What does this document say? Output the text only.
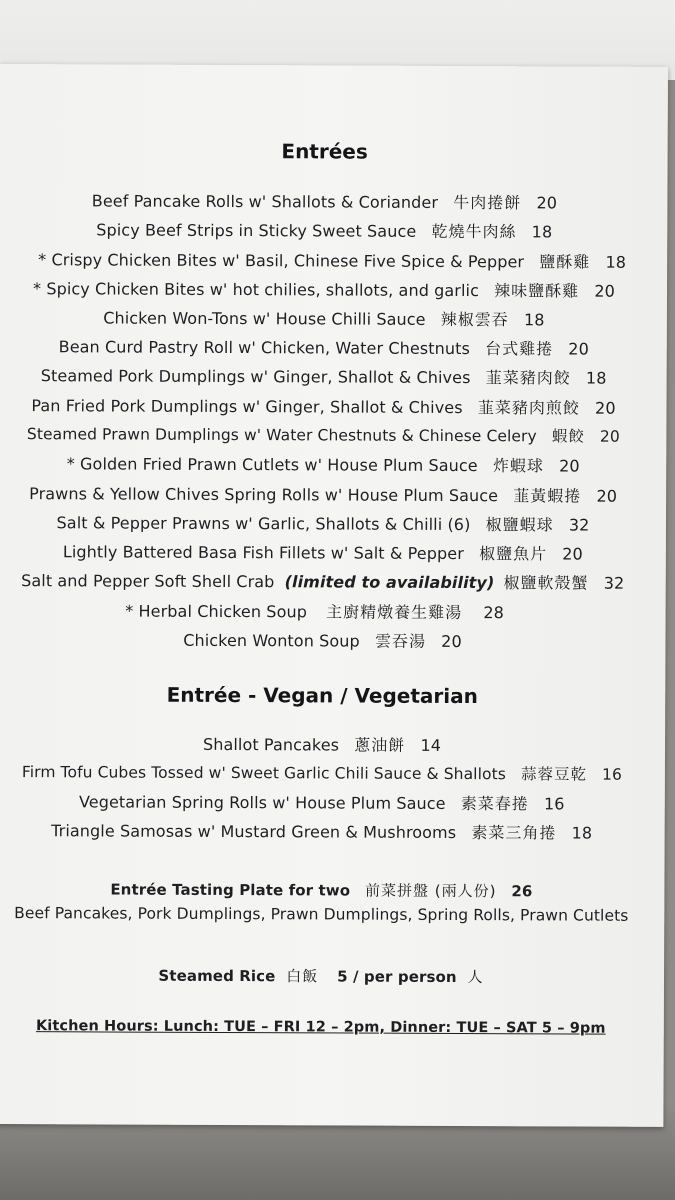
Entrées
Beef Pancake Rolls w' Shallots & Coriander 牛肉捲餅 20
Spicy Beef Strips in Sticky Sweet Sauce 乾燒牛肉絲 18
* Crispy Chicken Bites w' Basil, Chinese Five Spice & Pepper 鹽酥雞 18
* Spicy Chicken Bites w' hot chilies, shallots, and garlic 辣味鹽酥雞 20
Chicken Won-Tons w' House Chilli Sauce 辣椒雲吞 18
Bean Curd Pastry Roll w' Chicken, Water Chestnuts 台式雞捲 20
Steamed Pork Dumplings w' Ginger, Shallot & Chives 韮菜豬肉餃 18
Pan Fried Pork Dumplings w' Ginger, Shallot & Chives 韮菜豬肉煎餃 20
Steamed Prawn Dumplings w' Water Chestnuts & Chinese Celery 蝦餃 20
* Golden Fried Prawn Cutlets w' House Plum Sauce 炸蝦球 20
Prawns & Yellow Chives Spring Rolls w' House Plum Sauce 韮黃蝦捲 20
Salt & Pepper Prawns w' Garlic, Shallots & Chilli (6) 椒鹽蝦球 32
Lightly Battered Basa Fish Fillets w' Salt & Pepper 椒鹽魚片 20
Salt and Pepper Soft Shell Crab (limited to availability) 椒鹽軟殼蟹 32
* Herbal Chicken Soup 主廚精燉養生雞湯 28
Chicken Wonton Soup 雲吞湯 20
Entrée - Vegan / Vegetarian
Shallot Pancakes 蔥油餅 14
Firm Tofu Cubes Tossed w' Sweet Garlic Chili Sauce & Shallots 蒜蓉豆乾 16
Vegetarian Spring Rolls w' House Plum Sauce 素菜春捲 16
Triangle Samosas w' Mustard Green & Mushrooms 素菜三角捲 18
Entrée Tasting Plate for two 前菜拼盤 (兩人份) 26
Beef Pancakes, Pork Dumplings, Prawn Dumplings, Spring Rolls, Prawn Cutlets
Steamed Rice 白飯 5 / per person 人
Kitchen Hours: Lunch: TUE – FRI 12 – 2pm, Dinner: TUE – SAT 5 – 9pm
